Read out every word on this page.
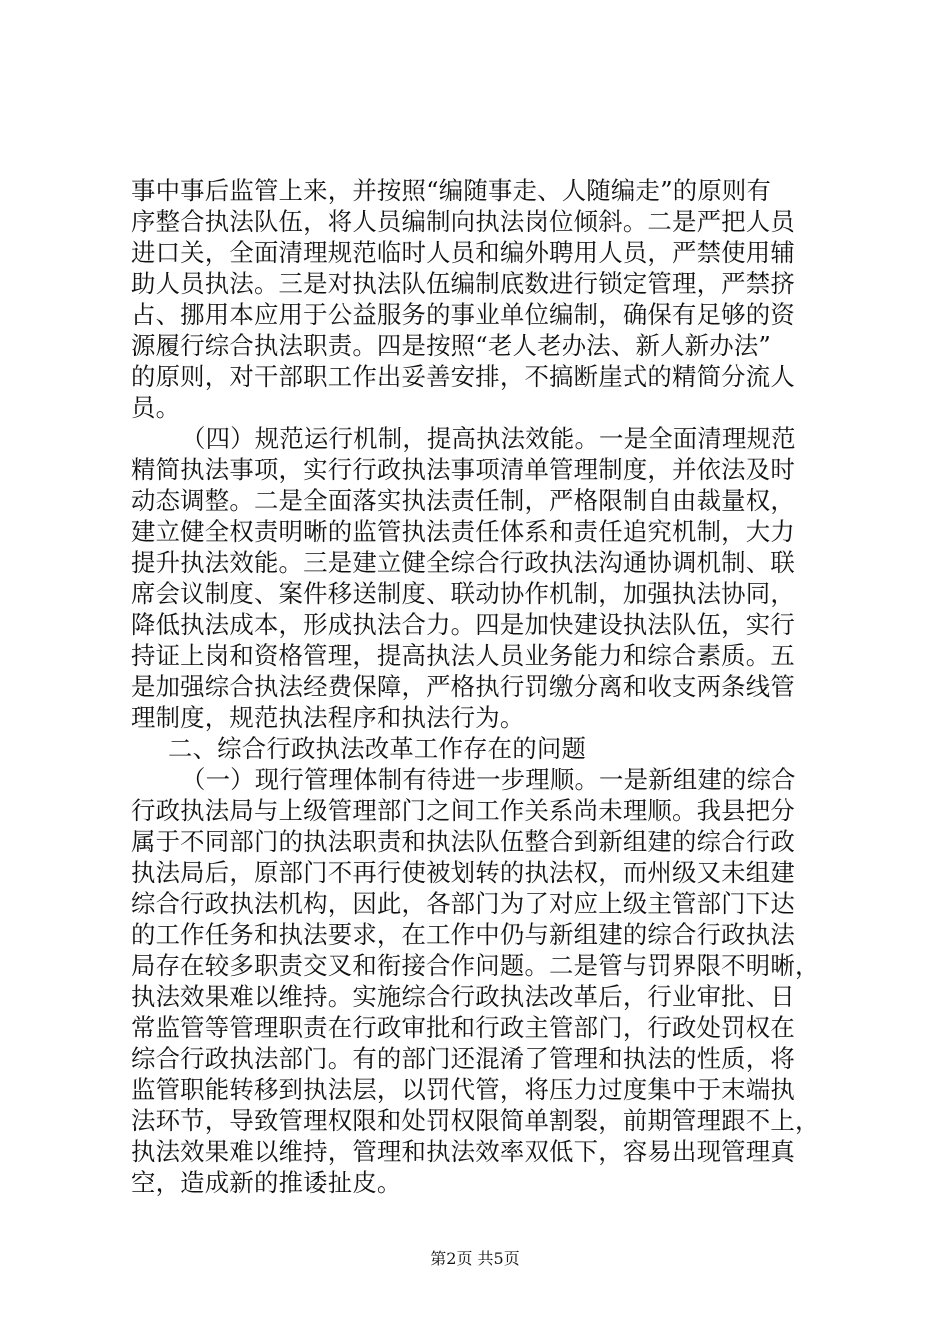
事中事后监管上来，并按照“编随事走、人随编走”的原则有
序整合执法队伍，将人员编制向执法岗位倾斜。二是严把人员
进口关，全面清理规范临时人员和编外聘用人员，严禁使用辅
助人员执法。三是对执法队伍编制底数进行锁定管理，严禁挤
占、挪用本应用于公益服务的事业单位编制，确保有足够的资
源履行综合执法职责。四是按照“老人老办法、新人新办法”
的原则，对干部职工作出妥善安排，不搞断崖式的精简分流人
员。
（四）规范运行机制，提高执法效能。一是全面清理规范
精简执法事项，实行行政执法事项清单管理制度，并依法及时
动态调整。二是全面落实执法责任制，严格限制自由裁量权，
建立健全权责明晰的监管执法责任体系和责任追究机制，大力
提升执法效能。三是建立健全综合行政执法沟通协调机制、联
席会议制度、案件移送制度、联动协作机制，加强执法协同，
降低执法成本，形成执法合力。四是加快建设执法队伍，实行
持证上岗和资格管理，提高执法人员业务能力和综合素质。五
是加强综合执法经费保障，严格执行罚缴分离和收支两条线管
理制度，规范执法程序和执法行为。
二、综合行政执法改革工作存在的问题
（一）现行管理体制有待进一步理顺。一是新组建的综合
行政执法局与上级管理部门之间工作关系尚未理顺。我县把分
属于不同部门的执法职责和执法队伍整合到新组建的综合行政
执法局后，原部门不再行使被划转的执法权，而州级又未组建
综合行政执法机构，因此，各部门为了对应上级主管部门下达
的工作任务和执法要求，在工作中仍与新组建的综合行政执法
局存在较多职责交叉和衔接合作问题。二是管与罚界限不明晰，
执法效果难以维持。实施综合行政执法改革后，行业审批、日
常监管等管理职责在行政审批和行政主管部门，行政处罚权在
综合行政执法部门。有的部门还混淆了管理和执法的性质，将
监管职能转移到执法层，以罚代管，将压力过度集中于末端执
法环节，导致管理权限和处罚权限简单割裂，前期管理跟不上，
执法效果难以维持，管理和执法效率双低下，容易出现管理真
空，造成新的推诿扯皮。
第2页 共5页
